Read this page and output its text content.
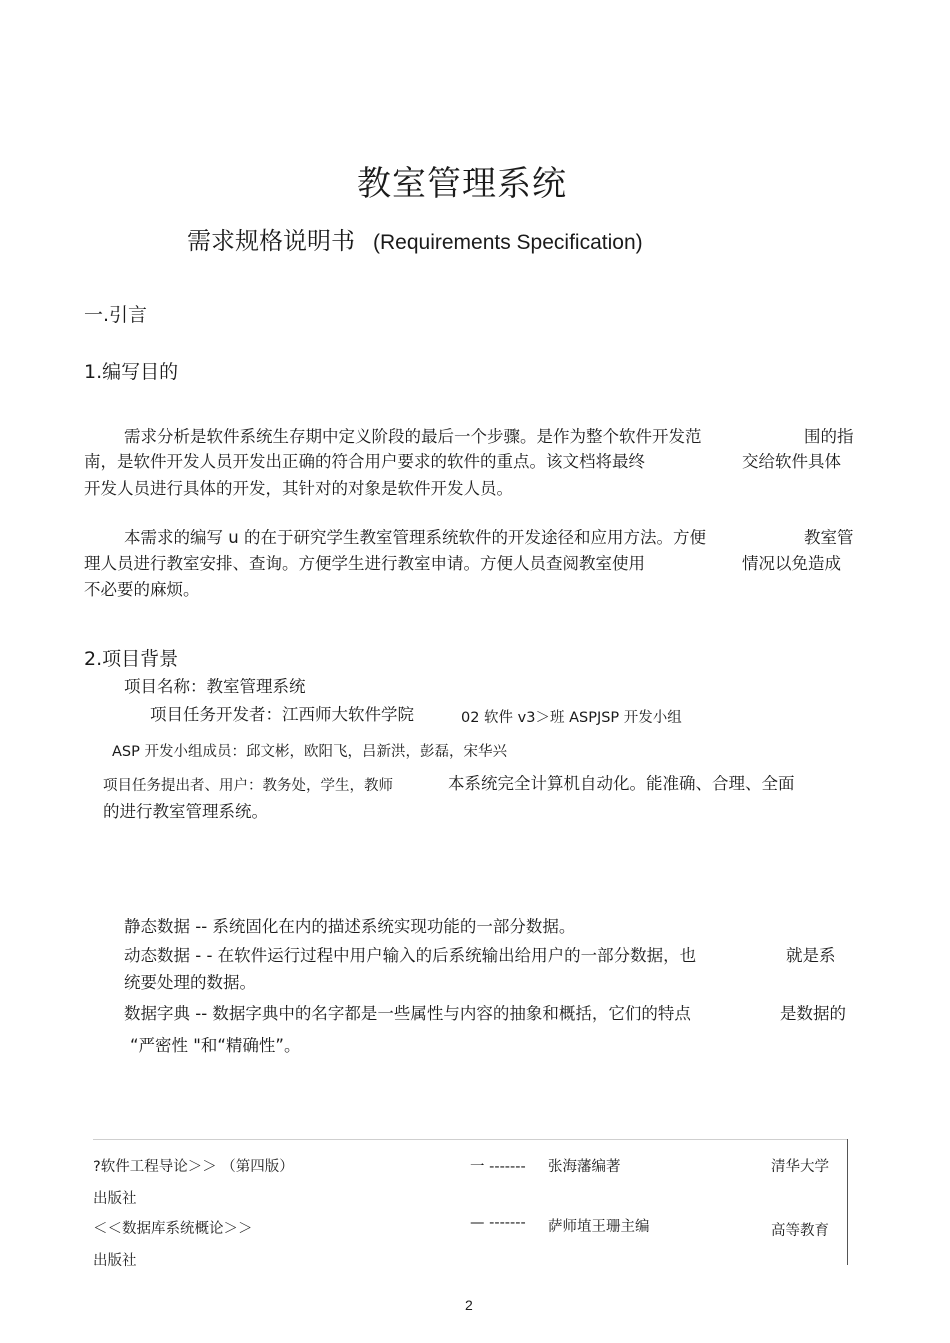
教室管理系统
需求规格说明书 (Requirements Specification)
一.引言
1.编写目的
需求分析是软件系统生存期中定义阶段的最后一个步骤。是作为整个软件开发范	围的指
南，是软件开发人员开发出正确的符合用户要求的软件的重点。该文档将最终	交给软件具体
开发人员进行具体的开发，其针对的对象是软件开发人员。
本需求的编写 u 的在于研究学生教室管理系统软件的开发途径和应用方法。方便	教室管
理人员进行教室安排、查询。方便学生进行教室申请。方便人员查阅教室使用	情况以免造成
不必要的麻烦。
2.项目背景
项目名称：教室管理系统
项目任务开发者：江西师大软件学院	02 软件 v3＞班 ASPJSP 开发小组
ASP 开发小组成员：邱文彬，欧阳飞，吕新洪，彭磊，宋华兴
项目任务提出者、用户：教务处，学生，教师	本系统完全计算机自动化。能准确、合理、全面
的进行教室管理系统。
静态数据 -- 系统固化在内的描述系统实现功能的一部分数据。
动态数据 - - 在软件运行过程中用户输入的后系统输出给用户的一部分数据，也	就是系
统要处理的数据。
数据字典 -- 数据字典中的名字都是一些属性与内容的抽象和概括，它们的特点	是数据的
“严密性 "和“精确性”。
?软件工程导论＞＞ （第四版）	一 ------- 张海藩编著	清华大学
出版社
＜＜数据库系统概论＞＞	— ------- 萨师埴王珊主编	高等教育
出版社
2
